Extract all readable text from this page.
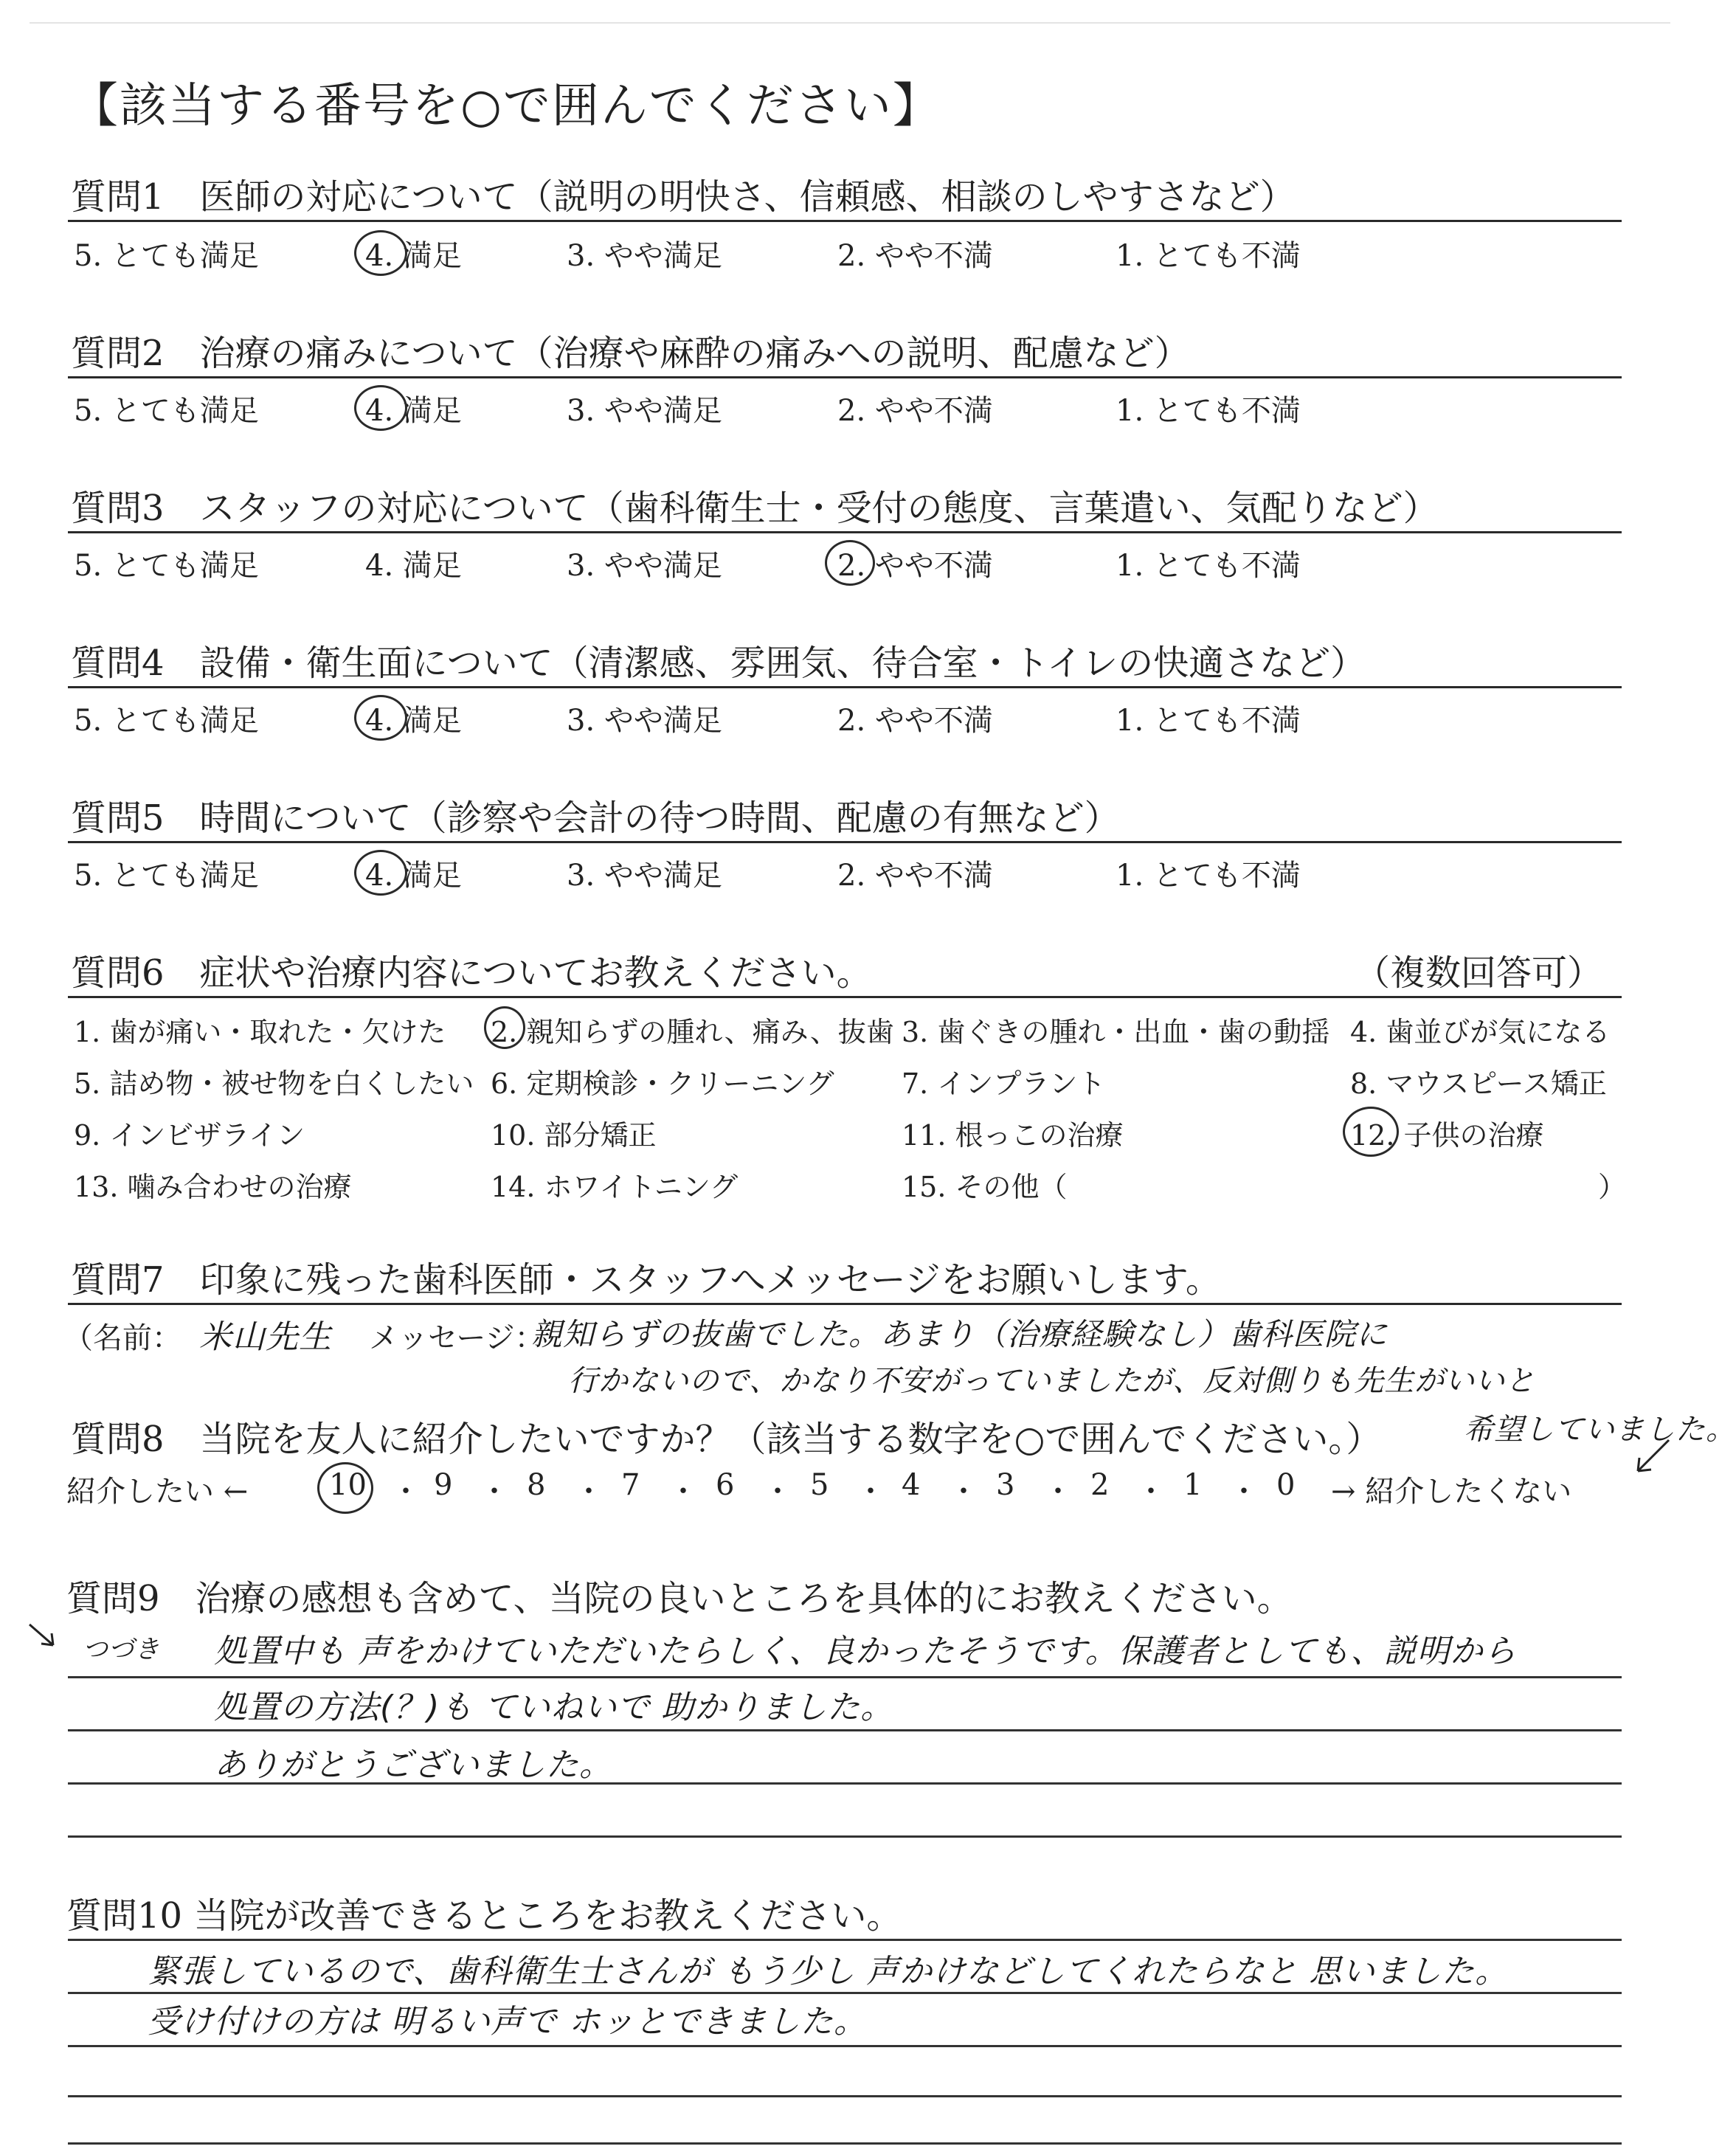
【該当する番号を○で囲んでください】
質問1　医師の対応について（説明の明快さ、信頼感、相談のしやすさなど）
5. とても満足	4. 満足	3. やや満足	2. やや不満	1. とても不満
質問2　治療の痛みについて（治療や麻酔の痛みへの説明、配慮など）
5. とても満足	4. 満足	3. やや満足	2. やや不満	1. とても不満
質問3　スタッフの対応について（歯科衛生士・受付の態度、言葉遣い、気配りなど）
5. とても満足	4. 満足	3. やや満足	2. やや不満	1. とても不満
質問4　設備・衛生面について（清潔感、雰囲気、待合室・トイレの快適さなど）
5. とても満足	4. 満足	3. やや満足	2. やや不満	1. とても不満
質問5　時間について（診察や会計の待つ時間、配慮の有無など）
5. とても満足	4. 満足	3. やや満足	2. やや不満	1. とても不満
質問6　症状や治療内容についてお教えください。	（複数回答可）
1. 歯が痛い・取れた・欠けた 2. 親知らずの腫れ、痛み、抜歯 3. 歯ぐきの腫れ・出血・歯の動揺 4. 歯並びが気になる
5. 詰め物・被せ物を白くしたい 6. 定期検診・クリーニング 7. インプラント	8. マウスピース矯正
9. インビザライン	10. 部分矯正	11. 根っこの治療	12. 子供の治療
13. 噛み合わせの治療	14. ホワイトニング	15. その他（	）
質問7　印象に残った歯科医師・スタッフへメッセージをお願いします。
（名前： 米山先生 メッセージ：
親知らずの抜歯でした。あまり（治療経験なし）歯科医院に
行かないので、かなり不安がっていましたが、反対側りも先生がいいと
質問8　当院を友人に紹介したいですか？（該当する数字を○で囲んでください。）	希望していました。
紹介したい ←	10 ・ 9 ・ 8 ・ 7 ・ 6 ・ 5 ・ 4 ・ 3 ・ 2 ・ 1 ・ 0 → 紹介したくない
質問9　治療の感想も含めて、当院の良いところを具体的にお教えください。
つづき 処置中も 声をかけていただいたらしく、良かったそうです。保護者としても、説明から
処置の方法(？)も ていねいで 助かりました。
ありがとうございました。
質問10 当院が改善できるところをお教えください。
緊張しているので、歯科衛生士さんが もう少し 声かけなどしてくれたらなと 思いました。
受け付けの方は 明るい声で ホッとできました。
